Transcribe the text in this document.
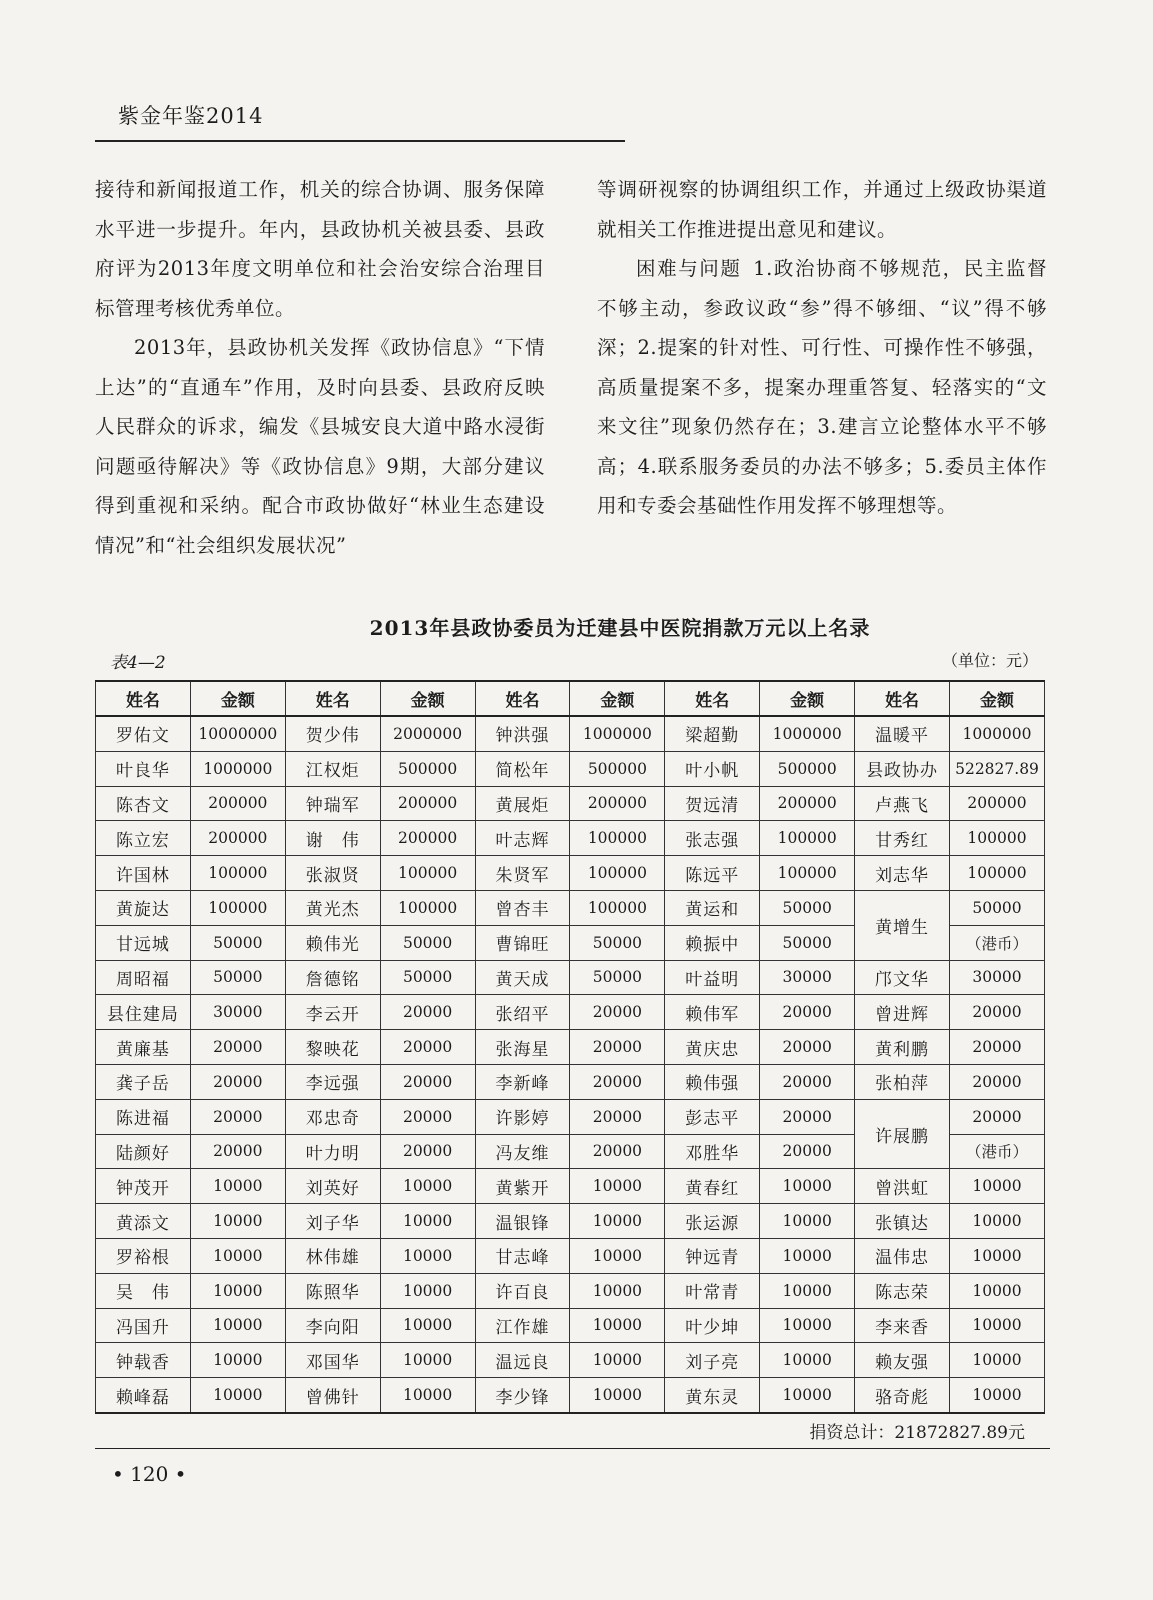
紫金年鉴2014

接待和新闻报道工作，机关的综合协调、服务保障水平进一步提升。年内，县政协机关被县委、县政府评为2013年度文明单位和社会治安综合治理目标管理考核优秀单位。

2013年，县政协机关发挥《政协信息》“下情上达”的“直通车”作用，及时向县委、县政府反映人民群众的诉求，编发《县城安良大道中路水浸街问题亟待解决》等《政协信息》9期，大部分建议得到重视和采纳。配合市政协做好“林业生态建设情况”和“社会组织发展状况”

等调研视察的协调组织工作，并通过上级政协渠道就相关工作推进提出意见和建议。

困难与问题 1.政治协商不够规范，民主监督不够主动，参政议政“参”得不够细、“议”得不够深；2.提案的针对性、可行性、可操作性不够强，高质量提案不多，提案办理重答复、轻落实的“文来文往”现象仍然存在；3.建言立论整体水平不够高；4.联系服务委员的办法不够多；5.委员主体作用和专委会基础性作用发挥不够理想等。

2013年县政协委员为迁建县中医院捐款万元以上名录
表4—2	（单位：元）
姓名	金额	姓名	金额	姓名	金额	姓名	金额	姓名	金额
罗佑文	10000000	贺少伟	2000000	钟洪强	1000000	梁超勤	1000000	温暖平	1000000
叶良华	1000000	江权炬	500000	简松年	500000	叶小帆	500000	县政协办	522827.89
陈杏文	200000	钟瑞军	200000	黄展炬	200000	贺远清	200000	卢燕飞	200000
陈立宏	200000	谢　伟	200000	叶志辉	100000	张志强	100000	甘秀红	100000
许国林	100000	张淑贤	100000	朱贤军	100000	陈远平	100000	刘志华	100000
黄旋达	100000	黄光杰	100000	曾杏丰	100000	黄运和	50000	黄增生	50000
甘远城	50000	赖伟光	50000	曹锦旺	50000	赖振中	50000		（港币）
周昭福	50000	詹德铭	50000	黄天成	50000	叶益明	30000	邝文华	30000
县住建局	30000	李云开	20000	张绍平	20000	赖伟军	20000	曾进辉	20000
黄廉基	20000	黎映花	20000	张海星	20000	黄庆忠	20000	黄利鹏	20000
龚子岳	20000	李远强	20000	李新峰	20000	赖伟强	20000	张柏萍	20000
陈进福	20000	邓忠奇	20000	许影婷	20000	彭志平	20000	许展鹏	20000
陆颜好	20000	叶力明	20000	冯友维	20000	邓胜华	20000		（港币）
钟茂开	10000	刘英好	10000	黄紫开	10000	黄春红	10000	曾洪虹	10000
黄添文	10000	刘子华	10000	温银锋	10000	张运源	10000	张镇达	10000
罗裕根	10000	林伟雄	10000	甘志峰	10000	钟远青	10000	温伟忠	10000
吴　伟	10000	陈照华	10000	许百良	10000	叶常青	10000	陈志荣	10000
冯国升	10000	李向阳	10000	江作雄	10000	叶少坤	10000	李来香	10000
钟载香	10000	邓国华	10000	温远良	10000	刘子亮	10000	赖友强	10000
赖峰磊	10000	曾佛针	10000	李少锋	10000	黄东灵	10000	骆奇彪	10000
捐资总计：21872827.89元
• 120 •
